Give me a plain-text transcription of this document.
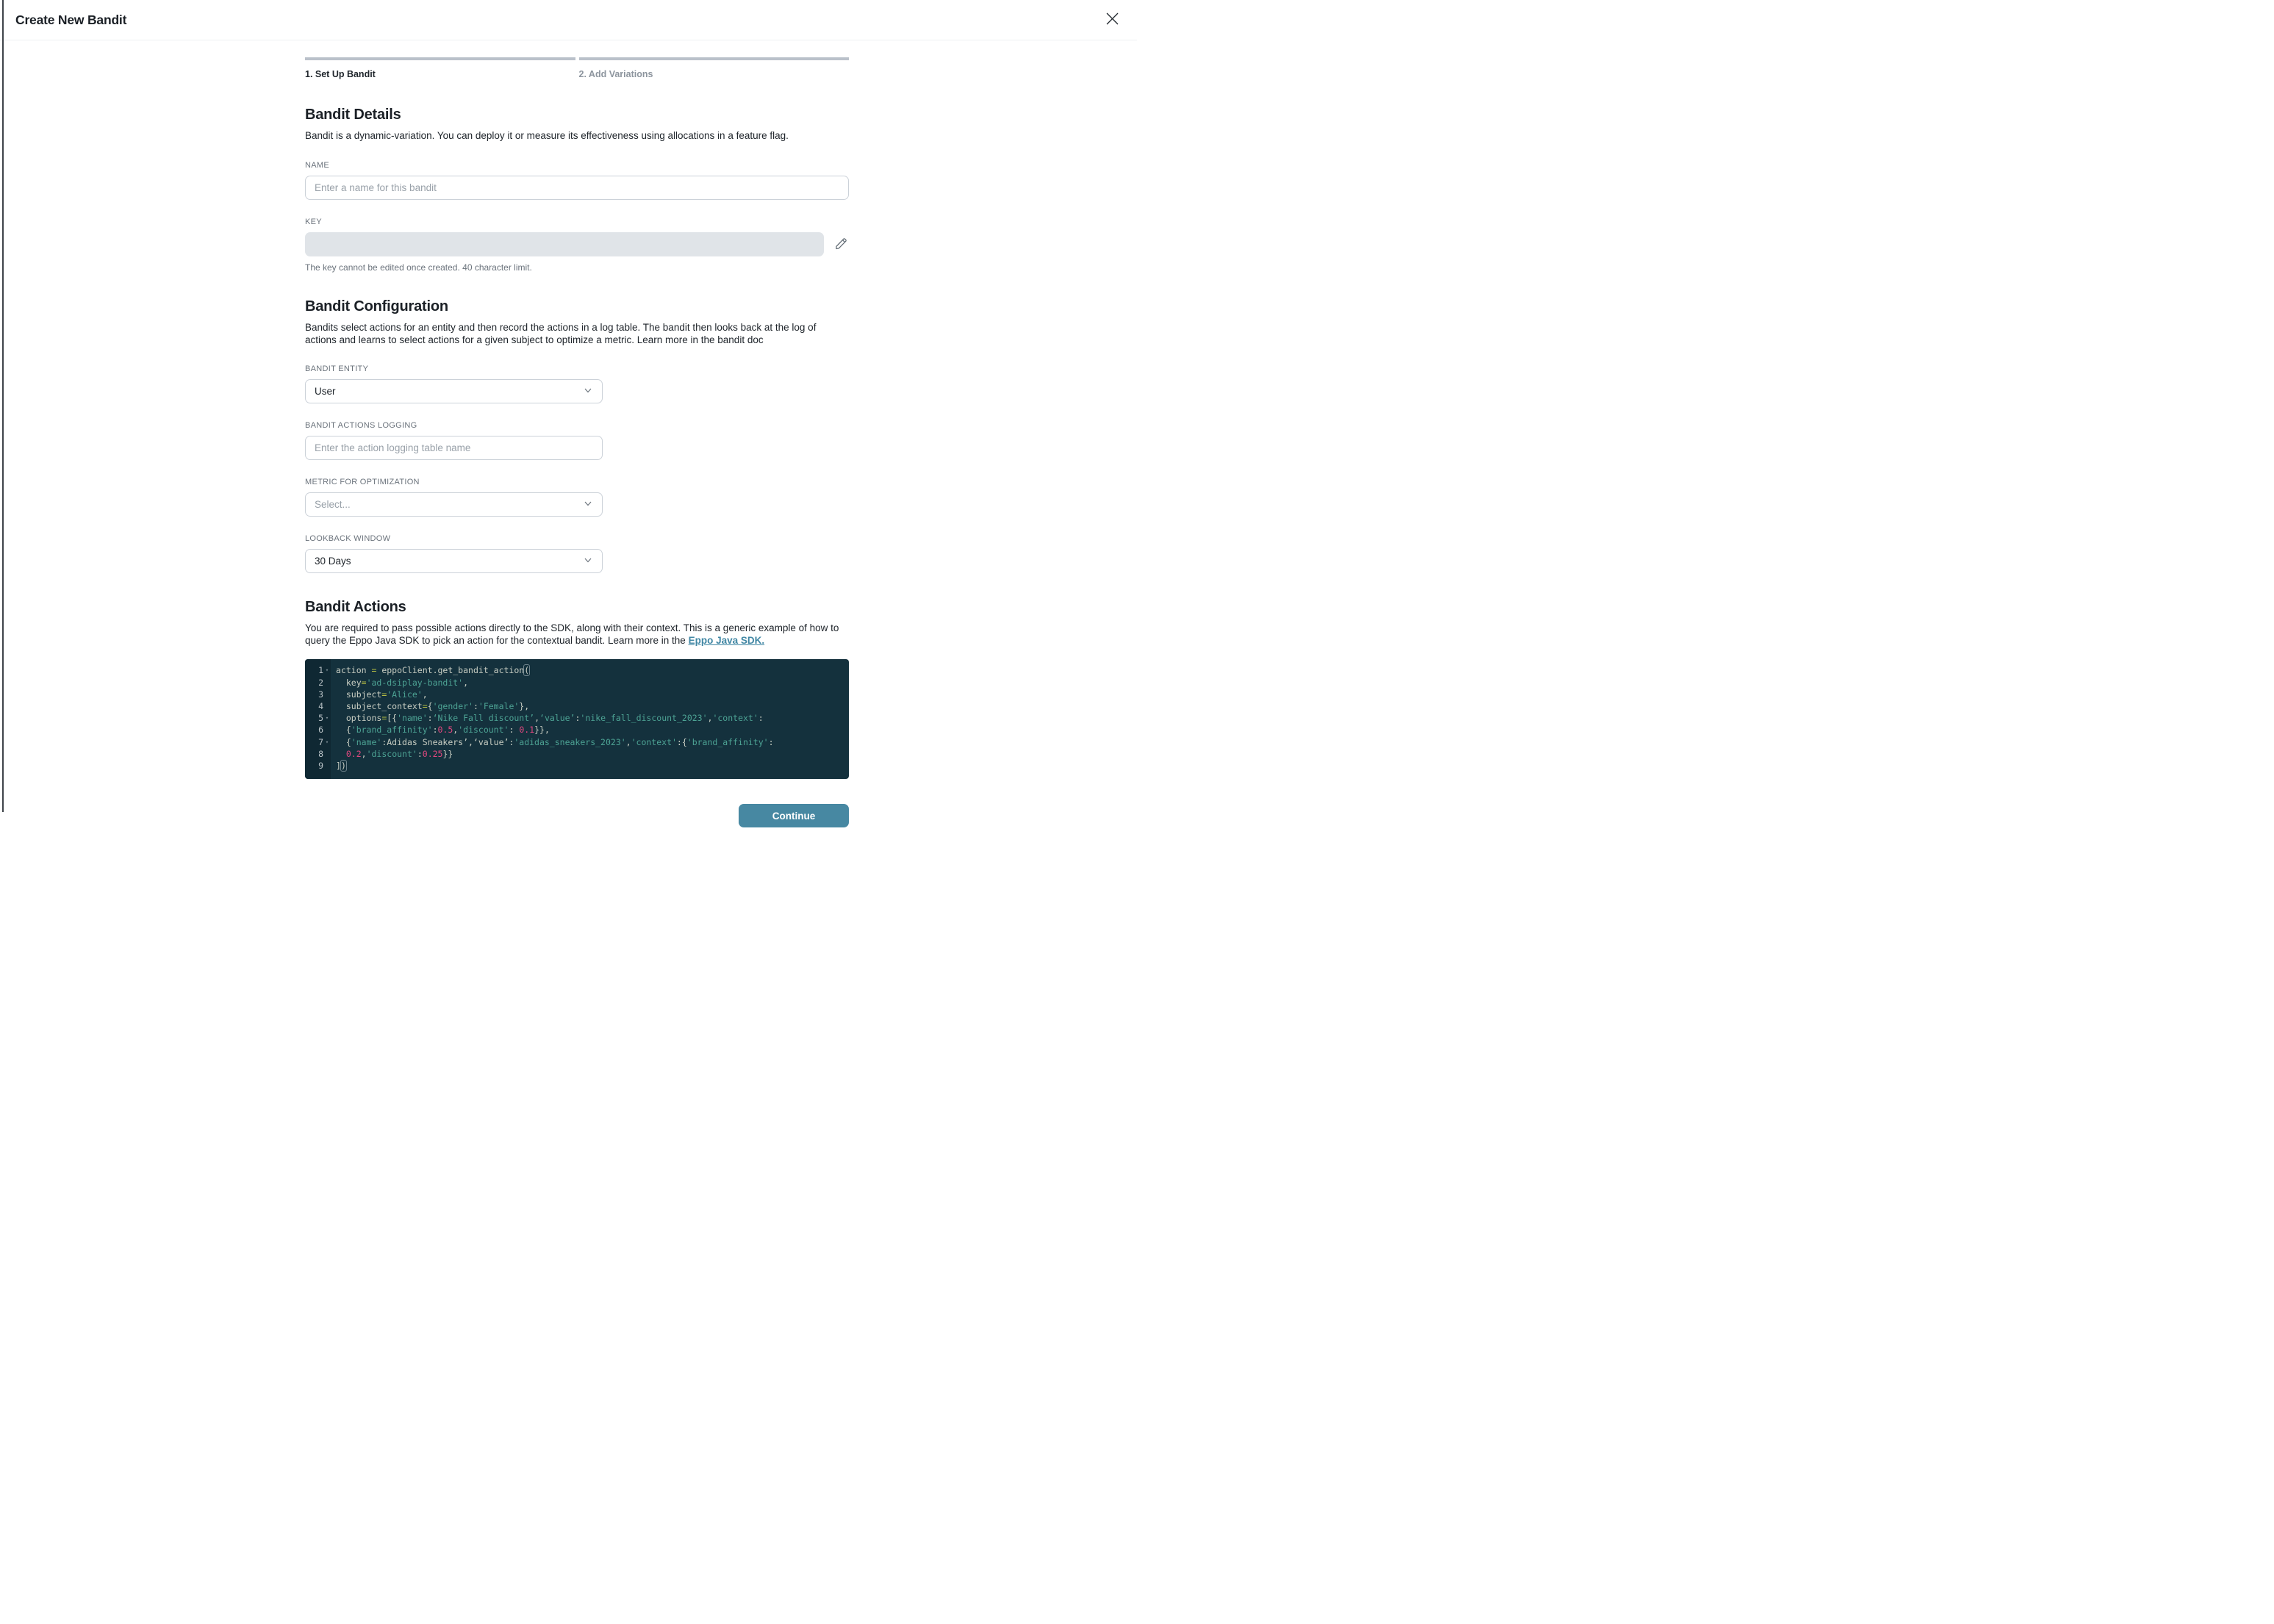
Create New Bandit
1. Set Up Bandit	2. Add Variations
Bandit Details

Bandit is a dynamic-variation. You can deploy it or measure its effectiveness using allocations in a feature flag.

NAME
Enter a name for this bandit
KEY
The key cannot be edited once created. 40 character limit.
Bandit Configuration

Bandits select actions for an entity and then record the actions in a log table. The bandit then looks back at the log of actions and learns to select actions for a given subject to optimize a metric. Learn more in the bandit doc

BANDIT ENTITY
User
BANDIT ACTIONS LOGGING
Enter the action logging table name
METRIC FOR OPTIMIZATION
Select...
LOOKBACK WINDOW
30 Days
Bandit Actions

You are required to pass possible actions directly to the SDK, along with their context. This is a generic example of how to query the Eppo Java SDK to pick an action for the contextual bandit. Learn more in the Eppo Java SDK.

1 ▾
2
3
4
5 ▾
6
7 ▾
8
9
action = eppoClient.get_bandit_action(
key='ad-dsiplay-bandit',
subject='Alice',
subject_context={'gender':'Female'},
options=[{'name':‘Nike Fall discount’,‘value’:'nike_fall_discount_2023','context':
{'brand_affinity':0.5,'discount': 0.1}},
{'name':Adidas Sneakers’,‘value’:'adidas_sneakers_2023','context':{'brand_affinity':
0.2,'discount':0.25}}
])
Continue
